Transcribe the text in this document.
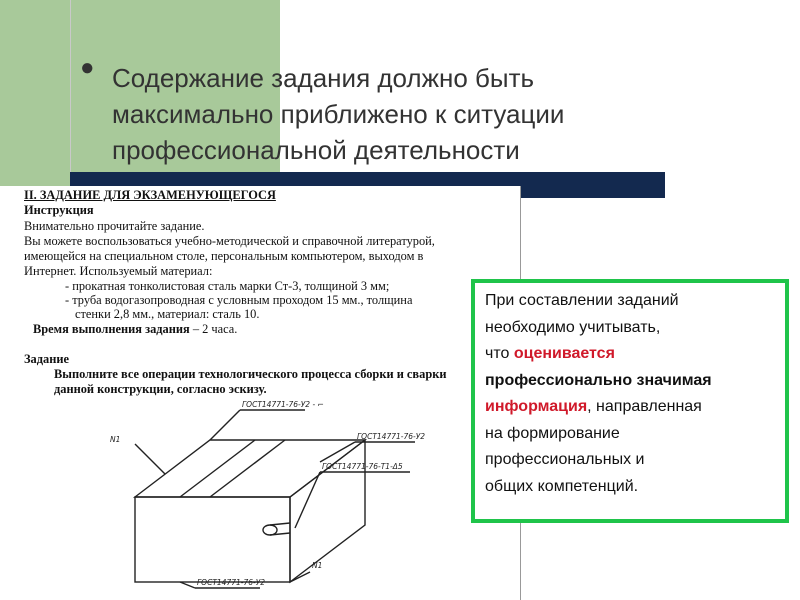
● Содержание задания должно быть
максимально приближено к ситуации
профессиональной деятельности
II. ЗАДАНИЕ ДЛЯ ЭКЗАМЕНУЮЩЕГОСЯ
Инструкция
Внимательно прочитайте задание.
Вы можете воспользоваться учебно-методической и справочной литературой,
имеющейся на специальном столе, персональным компьютером, выходом в
Интернет. Используемый материал:
- прокатная тонколистовая сталь марки Ст-3, толщиной 3 мм;
- труба водогазопроводная с условным проходом 15 мм., толщина
стенки 2,8 мм., материал: сталь 10.
Время выполнения задания – 2 часа.
Задание
Выполните все операции технологического процесса сборки и сварки
данной конструкции, согласно эскизу.
N1
ГОСТ14771-76-У2 - ⌐
ГОСТ14771-76-У2
ГОСТ14771-76-Т1-Δ5
N1
ГОСТ14771-76-У2
При составлении заданий
необходимо учитывать,
что оценивается
профессионально значимая
информация, направленная
на формирование
профессиональных и
общих компетенций.
